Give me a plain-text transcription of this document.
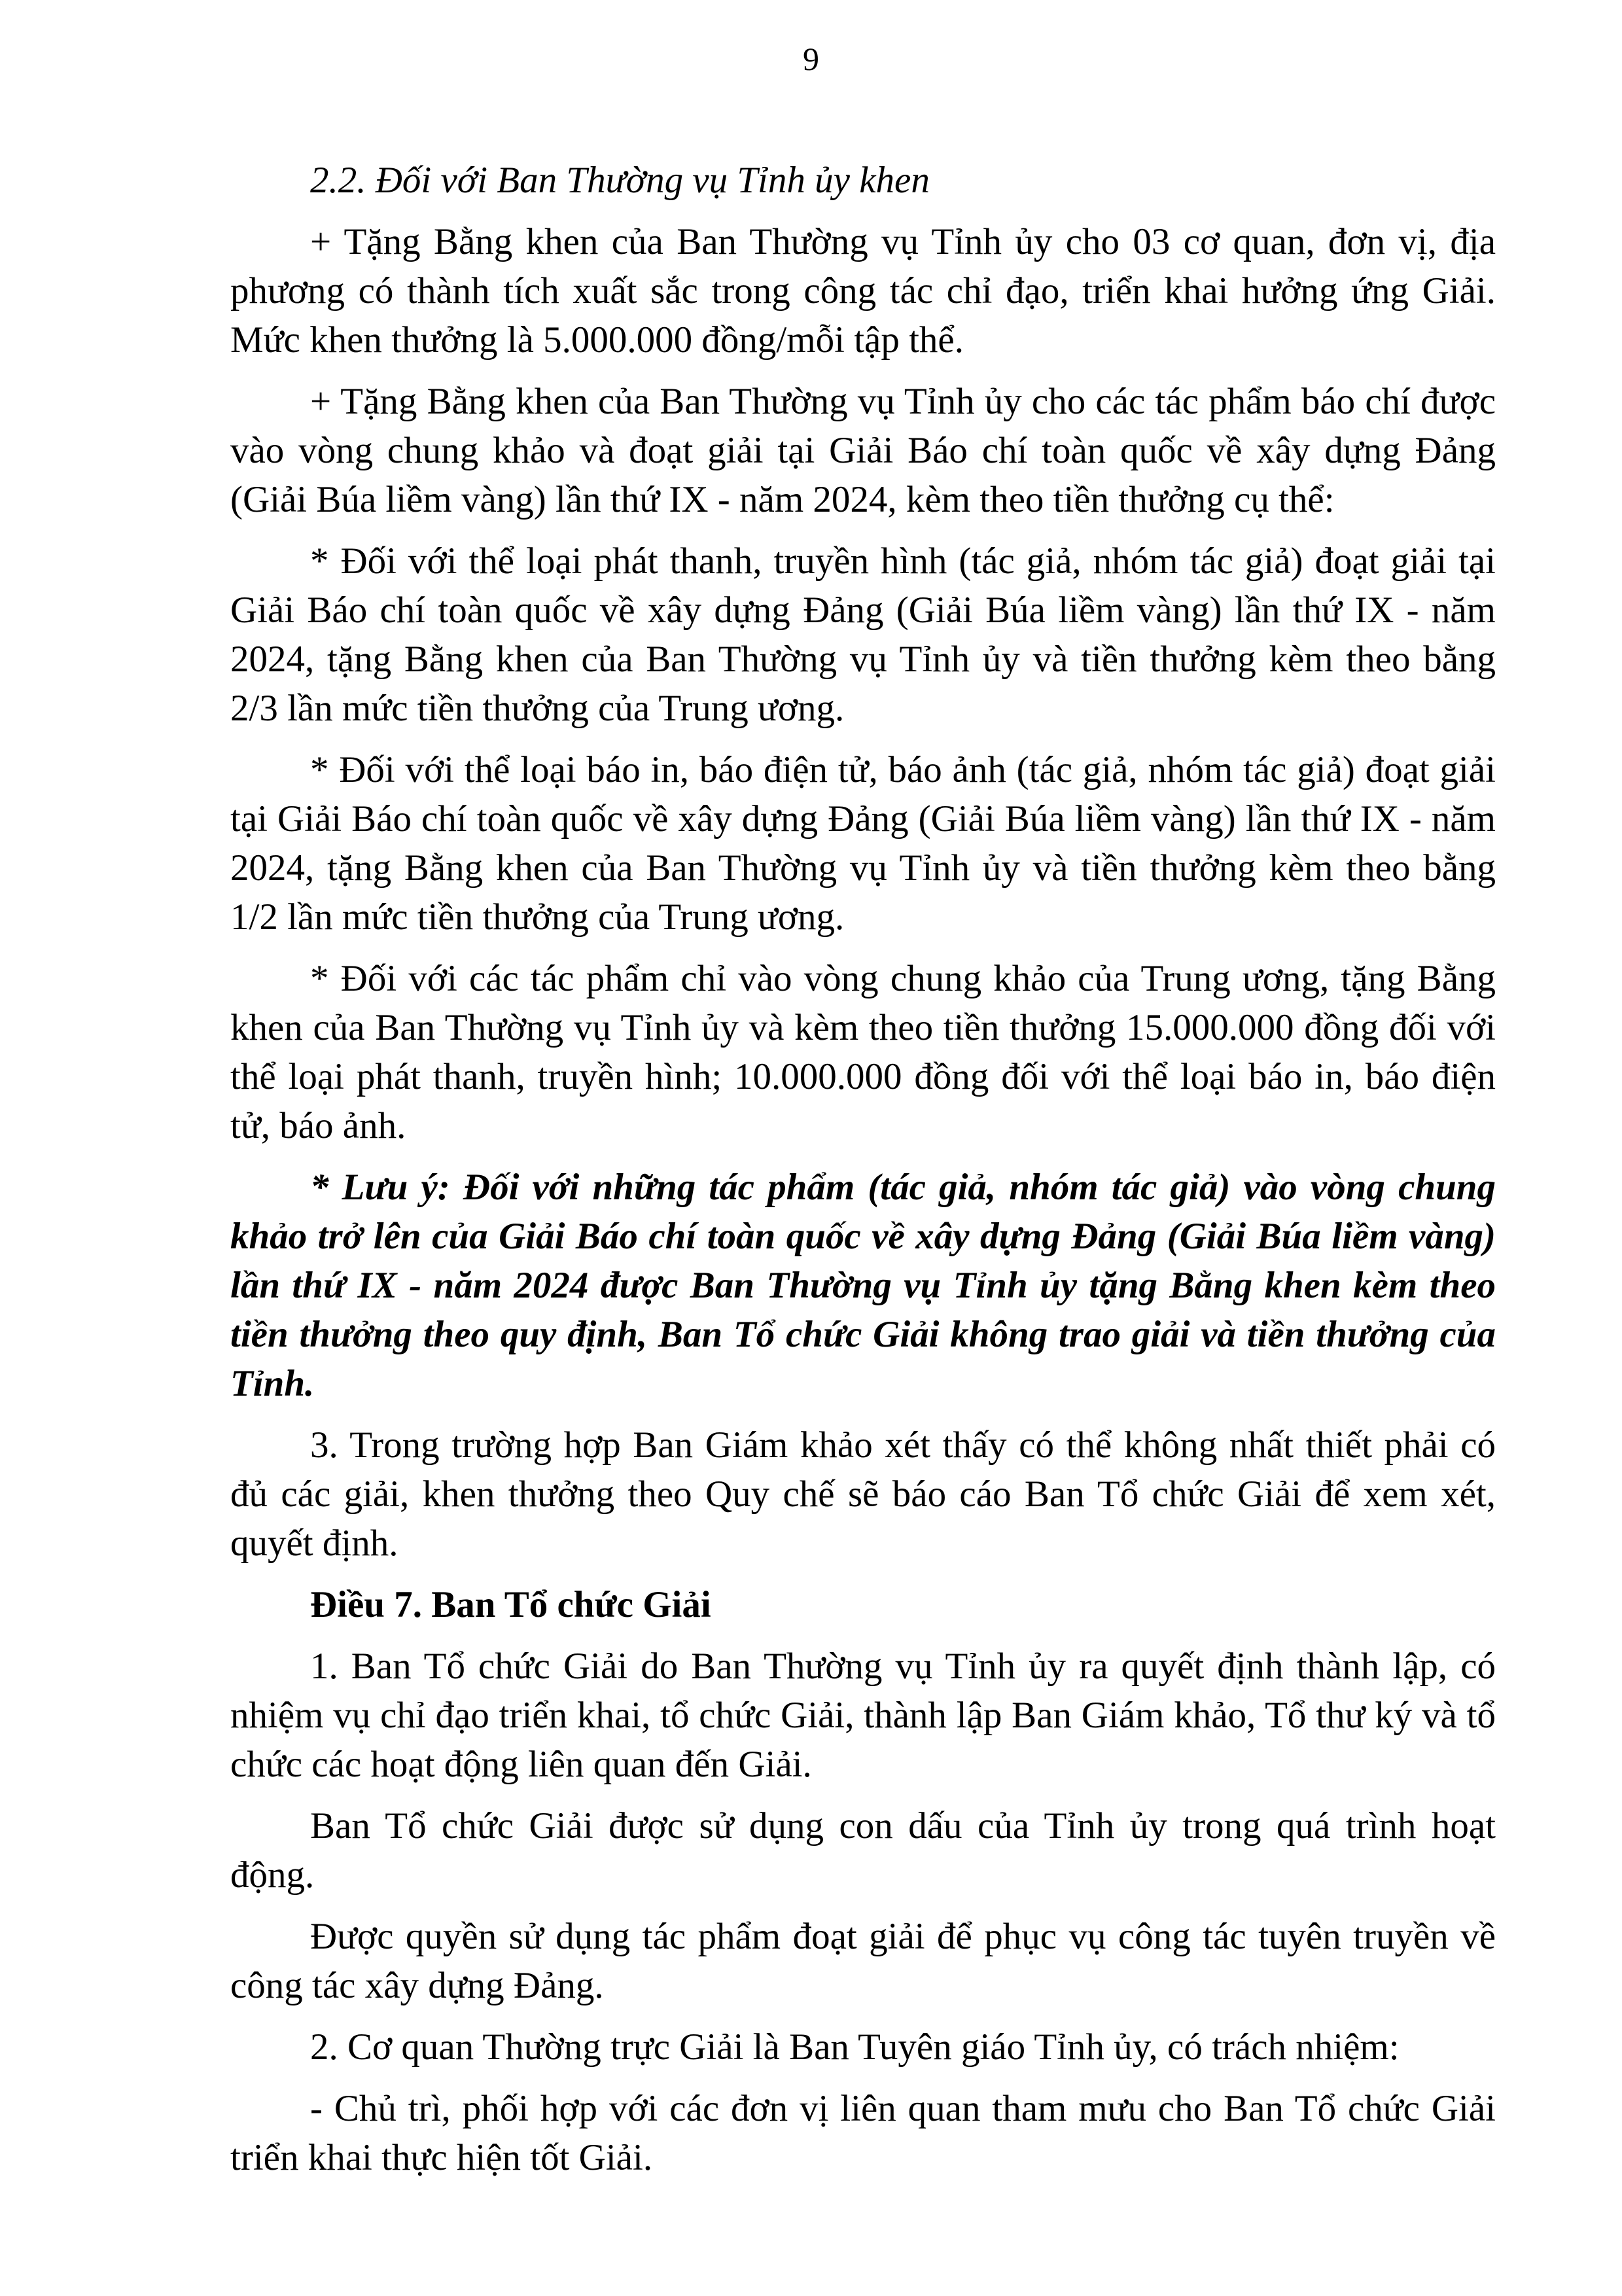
9

2.2. Đối với Ban Thường vụ Tỉnh ủy khen

+ Tặng Bằng khen của Ban Thường vụ Tỉnh ủy cho 03 cơ quan, đơn vị, địa phương có thành tích xuất sắc trong công tác chỉ đạo, triển khai hưởng ứng Giải. Mức khen thưởng là 5.000.000 đồng/mỗi tập thể.

+ Tặng Bằng khen của Ban Thường vụ Tỉnh ủy cho các tác phẩm báo chí được vào vòng chung khảo và đoạt giải tại Giải Báo chí toàn quốc về xây dựng Đảng (Giải Búa liềm vàng) lần thứ IX - năm 2024, kèm theo tiền thưởng cụ thể:

* Đối với thể loại phát thanh, truyền hình (tác giả, nhóm tác giả) đoạt giải tại Giải Báo chí toàn quốc về xây dựng Đảng (Giải Búa liềm vàng) lần thứ IX - năm 2024, tặng Bằng khen của Ban Thường vụ Tỉnh ủy và tiền thưởng kèm theo bằng 2/3 lần mức tiền thưởng của Trung ương.

* Đối với thể loại báo in, báo điện tử, báo ảnh (tác giả, nhóm tác giả) đoạt giải tại Giải Báo chí toàn quốc về xây dựng Đảng (Giải Búa liềm vàng) lần thứ IX - năm 2024, tặng Bằng khen của Ban Thường vụ Tỉnh ủy và tiền thưởng kèm theo bằng 1/2 lần mức tiền thưởng của Trung ương.

* Đối với các tác phẩm chỉ vào vòng chung khảo của Trung ương, tặng Bằng khen của Ban Thường vụ Tỉnh ủy và kèm theo tiền thưởng 15.000.000 đồng đối với thể loại phát thanh, truyền hình; 10.000.000 đồng đối với thể loại báo in, báo điện tử, báo ảnh.

* Lưu ý: Đối với những tác phẩm (tác giả, nhóm tác giả) vào vòng chung khảo trở lên của Giải Báo chí toàn quốc về xây dựng Đảng (Giải Búa liềm vàng) lần thứ IX - năm 2024 được Ban Thường vụ Tỉnh ủy tặng Bằng khen kèm theo tiền thưởng theo quy định, Ban Tổ chức Giải không trao giải và tiền thưởng của Tỉnh.

3. Trong trường hợp Ban Giám khảo xét thấy có thể không nhất thiết phải có đủ các giải, khen thưởng theo Quy chế sẽ báo cáo Ban Tổ chức Giải để xem xét, quyết định.

Điều 7. Ban Tổ chức Giải

1. Ban Tổ chức Giải do Ban Thường vụ Tỉnh ủy ra quyết định thành lập, có nhiệm vụ chỉ đạo triển khai, tổ chức Giải, thành lập Ban Giám khảo, Tổ thư ký và tổ chức các hoạt động liên quan đến Giải.

Ban Tổ chức Giải được sử dụng con dấu của Tỉnh ủy trong quá trình hoạt động.

Được quyền sử dụng tác phẩm đoạt giải để phục vụ công tác tuyên truyền về công tác xây dựng Đảng.

2. Cơ quan Thường trực Giải là Ban Tuyên giáo Tỉnh ủy, có trách nhiệm:

- Chủ trì, phối hợp với các đơn vị liên quan tham mưu cho Ban Tổ chức Giải triển khai thực hiện tốt Giải.
